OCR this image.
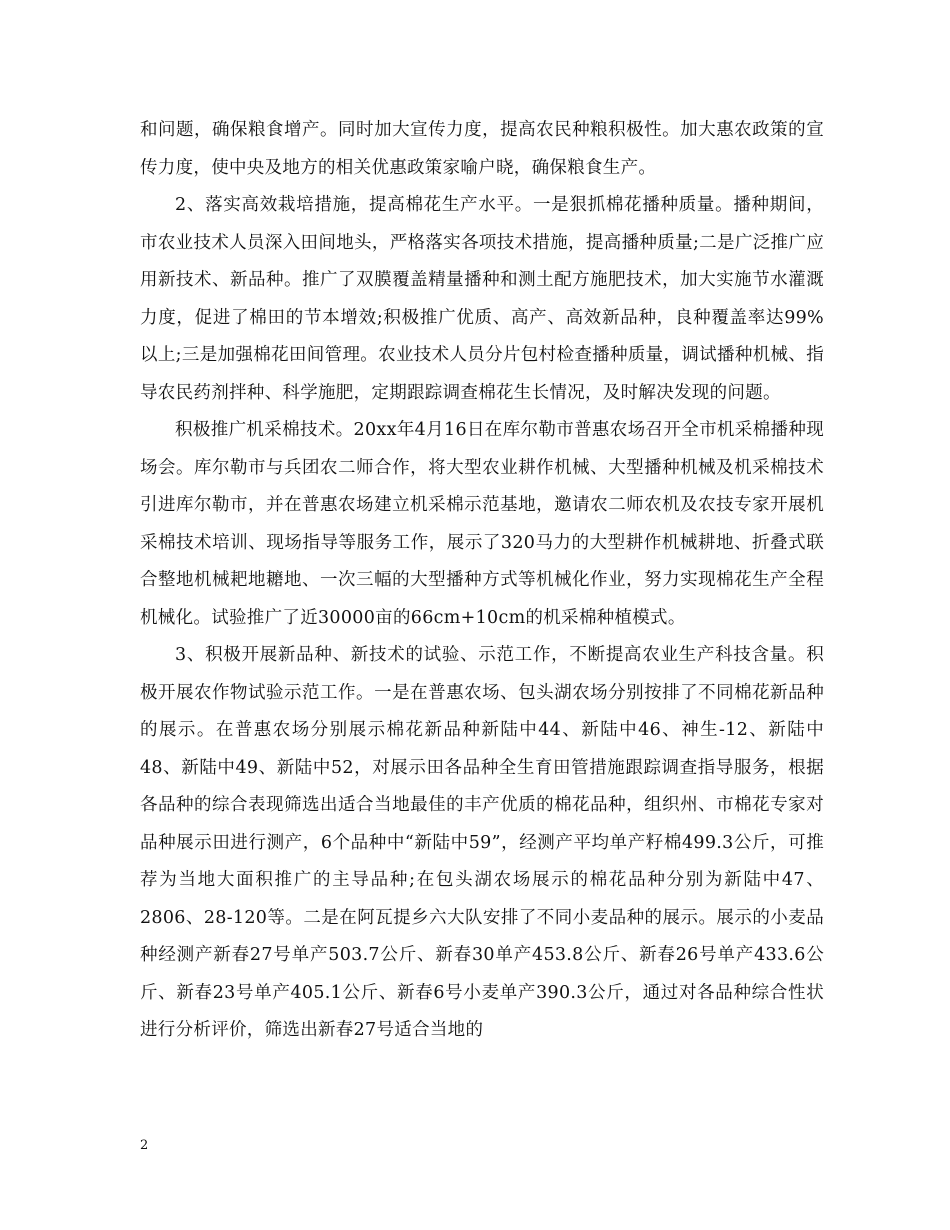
和问题，确保粮食增产。同时加大宣传力度，提高农民种粮积极性。加大惠农政策的宣传力度，使中央及地方的相关优惠政策家喻户晓，确保粮食生产。

2、落实高效栽培措施，提高棉花生产水平。一是狠抓棉花播种质量。播种期间，市农业技术人员深入田间地头，严格落实各项技术措施，提高播种质量;二是广泛推广应用新技术、新品种。推广了双膜覆盖精量播种和测土配方施肥技术，加大实施节水灌溉力度，促进了棉田的节本增效;积极推广优质、高产、高效新品种，良种覆盖率达99%以上;三是加强棉花田间管理。农业技术人员分片包村检查播种质量，调试播种机械、指导农民药剂拌种、科学施肥，定期跟踪调查棉花生长情况，及时解决发现的问题。

积极推广机采棉技术。20xx年4月16日在库尔勒市普惠农场召开全市机采棉播种现场会。库尔勒市与兵团农二师合作，将大型农业耕作机械、大型播种机械及机采棉技术引进库尔勒市，并在普惠农场建立机采棉示范基地，邀请农二师农机及农技专家开展机采棉技术培训、现场指导等服务工作，展示了320马力的大型耕作机械耕地、折叠式联合整地机械耙地耱地、一次三幅的大型播种方式等机械化作业，努力实现棉花生产全程机械化。试验推广了近30000亩的66cm+10cm的机采棉种植模式。

3、积极开展新品种、新技术的试验、示范工作，不断提高农业生产科技含量。积极开展农作物试验示范工作。一是在普惠农场、包头湖农场分别按排了不同棉花新品种的展示。在普惠农场分别展示棉花新品种新陆中44、新陆中46、神生-12、新陆中48、新陆中49、新陆中52，对展示田各品种全生育田管措施跟踪调查指导服务，根据各品种的综合表现筛选出适合当地最佳的丰产优质的棉花品种，组织州、市棉花专家对品种展示田进行测产，6个品种中“新陆中59”，经测产平均单产籽棉499.3公斤，可推荐为当地大面积推广的主导品种;在包头湖农场展示的棉花品种分别为新陆中47、2806、28-120等。二是在阿瓦提乡六大队安排了不同小麦品种的展示。展示的小麦品种经测产新春27号单产503.7公斤、新春30单产453.8公斤、新春26号单产433.6公斤、新春23号单产405.1公斤、新春6号小麦单产390.3公斤，通过对各品种综合性状进行分析评价，筛选出新春27号适合当地的

2
